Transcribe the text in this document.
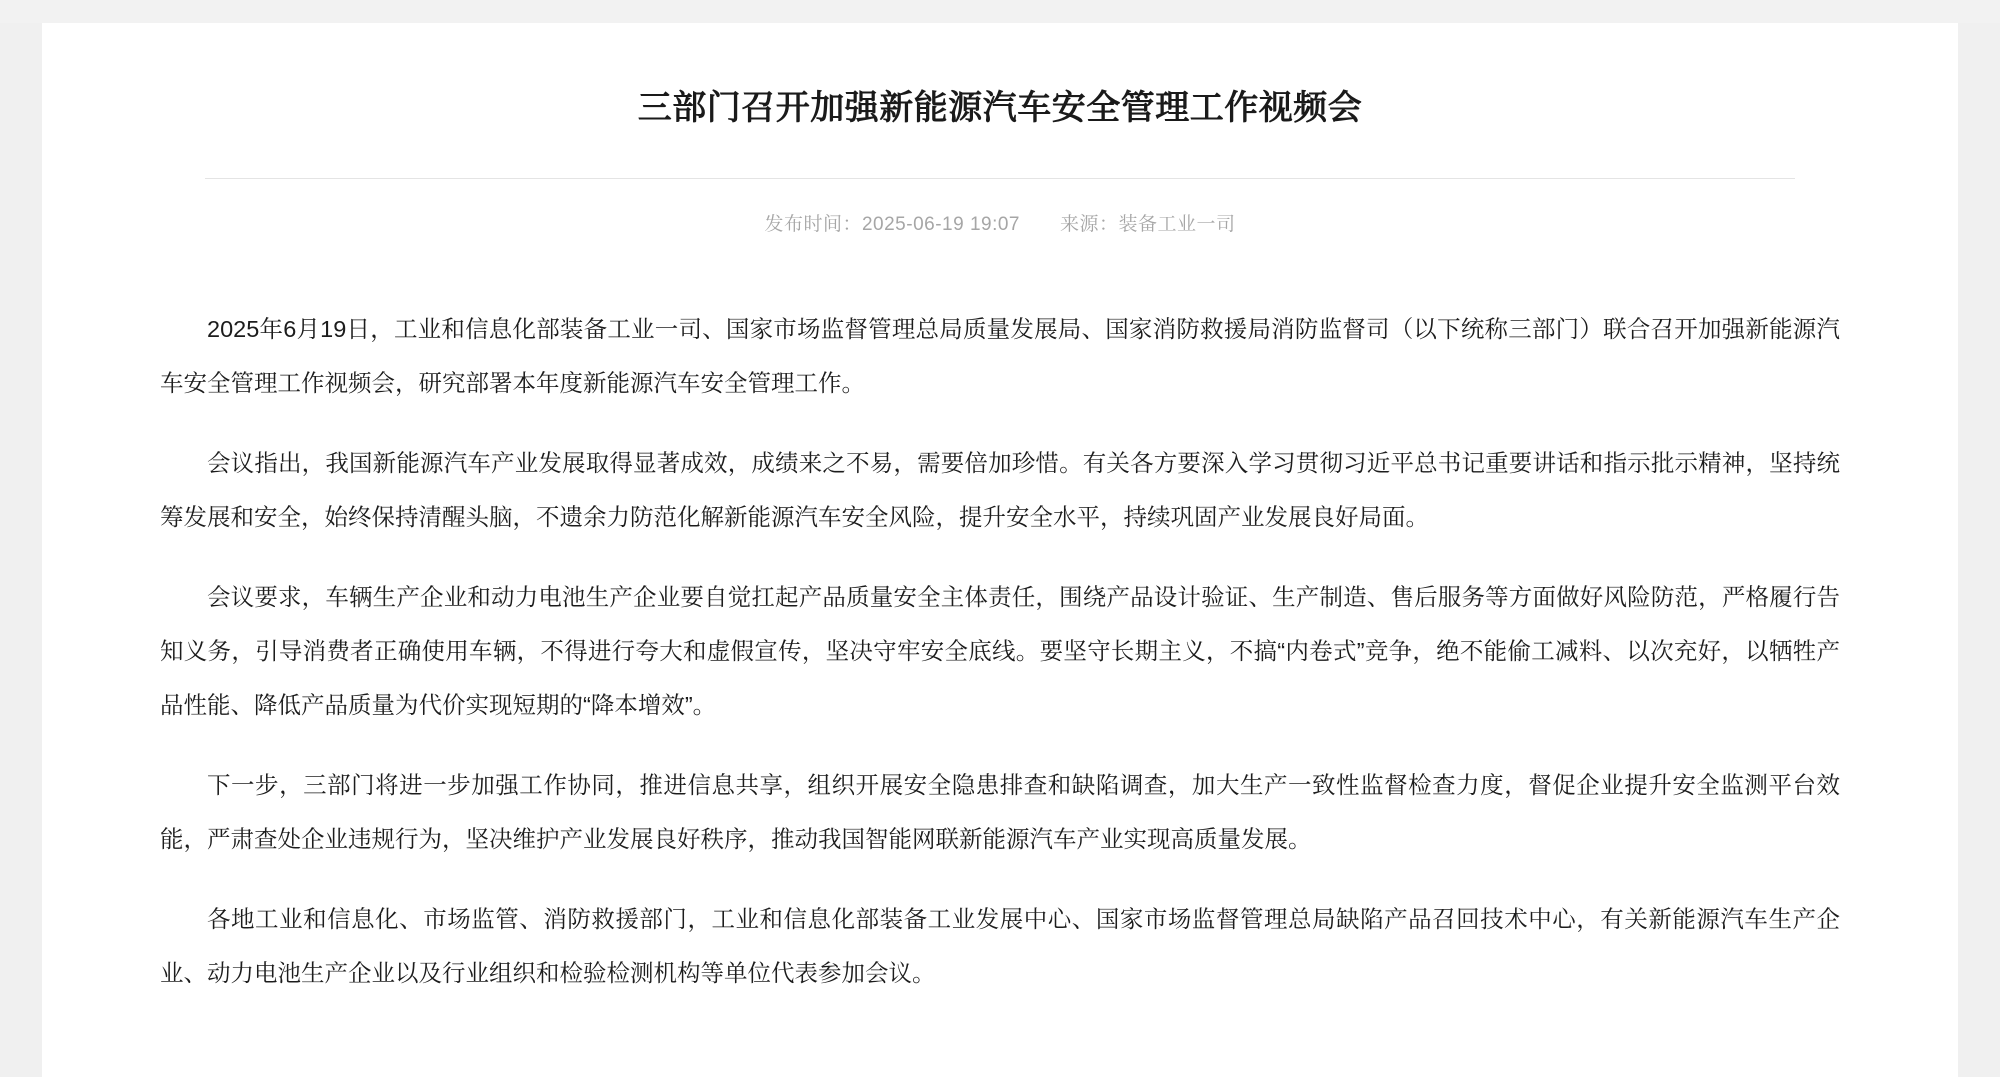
三部门召开加强新能源汽车安全管理工作视频会
发布时间：2025-06-19 19:07 来源：装备工业一司

2025年6月19日，工业和信息化部装备工业一司、国家市场监督管理总局质量发展局、国家消防救援局消防监督司（以下统称三部门）联合召开加强新能源汽车安全管理工作视频会，研究部署本年度新能源汽车安全管理工作。

会议指出，我国新能源汽车产业发展取得显著成效，成绩来之不易，需要倍加珍惜。有关各方要深入学习贯彻习近平总书记重要讲话和指示批示精神，坚持统筹发展和安全，始终保持清醒头脑，不遗余力防范化解新能源汽车安全风险，提升安全水平，持续巩固产业发展良好局面。

会议要求，车辆生产企业和动力电池生产企业要自觉扛起产品质量安全主体责任，围绕产品设计验证、生产制造、售后服务等方面做好风险防范，严格履行告知义务，引导消费者正确使用车辆，不得进行夸大和虚假宣传，坚决守牢安全底线。要坚守长期主义，不搞“内卷式”竞争，绝不能偷工减料、以次充好，以牺牲产品性能、降低产品质量为代价实现短期的“降本增效”。

下一步，三部门将进一步加强工作协同，推进信息共享，组织开展安全隐患排查和缺陷调查，加大生产一致性监督检查力度，督促企业提升安全监测平台效能，严肃查处企业违规行为，坚决维护产业发展良好秩序，推动我国智能网联新能源汽车产业实现高质量发展。

各地工业和信息化、市场监管、消防救援部门，工业和信息化部装备工业发展中心、国家市场监督管理总局缺陷产品召回技术中心，有关新能源汽车生产企业、动力电池生产企业以及行业组织和检验检测机构等单位代表参加会议。
